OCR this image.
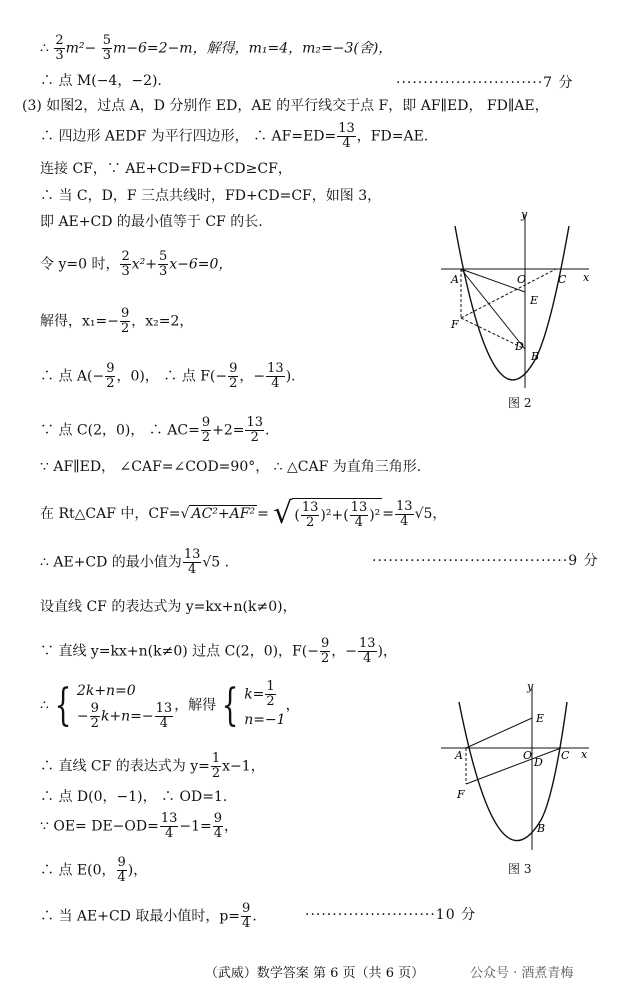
∴ $\frac{2}{3} m^2- \frac{5}{3} m-6=2-m$，解得，m₁=4，m₂=−3(舍)，
∴ 点 M(−4，−2).	···························7 分
(3) 如图2，过点 A，D 分别作 ED，AE 的平行线交于点 F，即 AF∥ED， FD∥AE，
∴ 四边形 AEDF 为平行四边形， ∴ $AF=ED= \frac{13}{4}$ ，FD=AE.
连接 CF，∵ AE+CD=FD+CD≥CF，
∴ 当 C，D，F 三点共线时，FD+CD=CF，如图 3，
即 AE+CD 的最小值等于 CF 的长.
令 y=0 时， $\frac{2}{3} x^2+ \frac{5}{3} x-6=0$，
解得，$x_1=- \frac{9}{2}$ ，x₂=2，
∴ 点 $A(- \frac{9}{2}$ ，0)， ∴ 点 $F(- \frac{9}{2}$ ，− $\frac{13}{4}$ ).
∵ 点 C(2，0)， ∴ $AC= \frac{9}{2} +2= \frac{13}{2}$ .
∵ AF∥ED， ∠CAF=∠COD=90°， ∴ △CAF 为直角三角形.
在 Rt△CAF 中，CF=√ AC²+AF² = √( $\frac{13}{2} )^2+( \frac{13}{4} )^2= \frac{13}{4} √5$，
∴ AE+CD 的最小值为 $\frac{13}{4} √5$ .	····································9 分
设直线 CF 的表达式为 y=kx+n(k≠0)，
∵ 直线 y=kx+n(k≠0) 过点 C(2，0)，$F(- \frac{9}{2}$ ，− $\frac{13}{4}$ )，
∴ { 2k+n=0
− $\frac{9}{2} k+n=- \frac{13}{4}$ ，解得 { $k= \frac{1}{2}$
n=−1
，
∴ 直线 CF 的表达式为 $y= \frac{1}{2} x-1$，
∴ 点 D(0，−1)， ∴ OD=1.
∵ $OE= DE-OD= \frac{13}{4} -1= \frac{9}{4}$ ，
∴ 点 E(0， $\frac{9}{4}$ )，
∴ 当 AE+CD 取最小值时，$p= \frac{9}{4}$ .	························10 分
y
x
A	O	C
E
F
D
B
图 2
y
x
A	O	C
E
D
F
B
图 3
（武威）数学答案 第 6 页（共 6 页）	公众号 · 酒煮青梅
